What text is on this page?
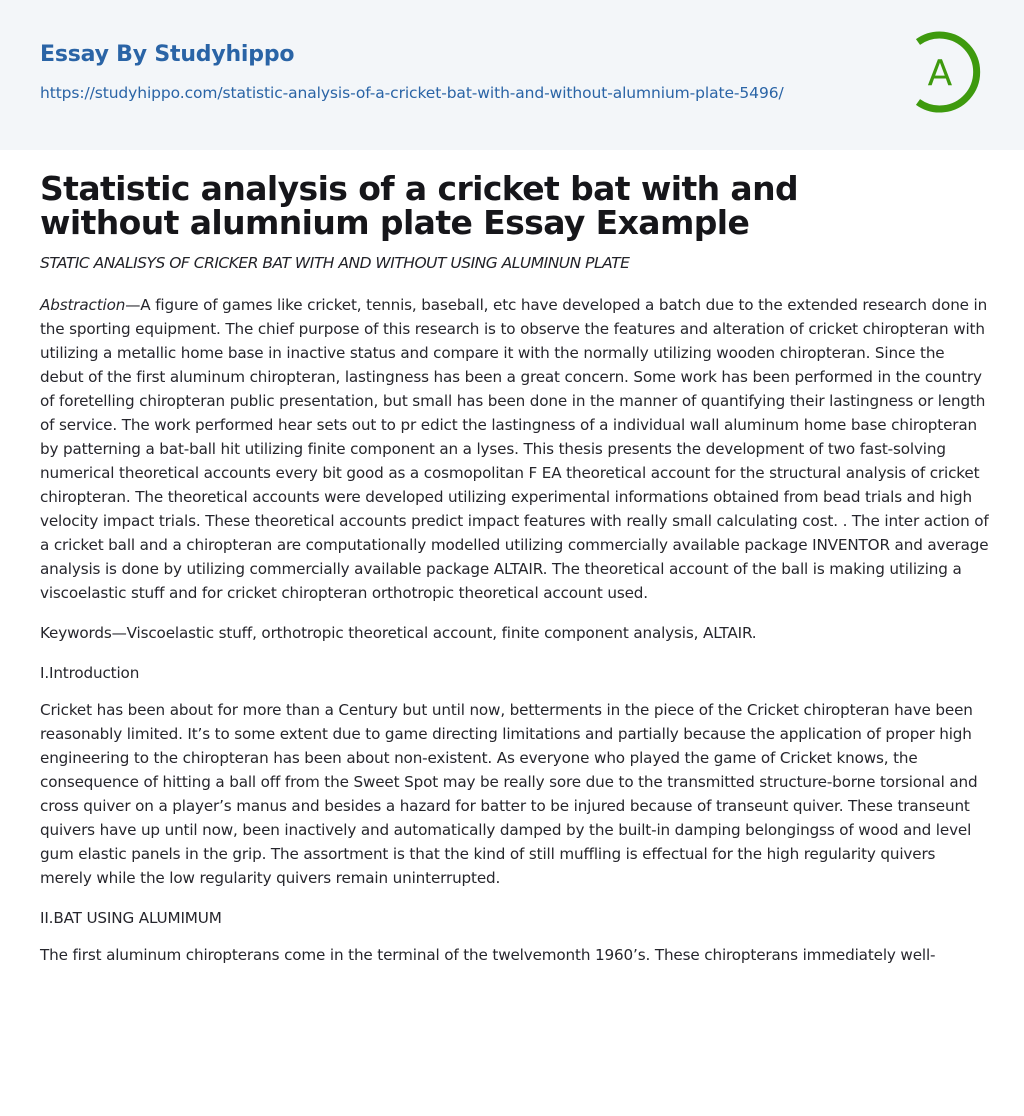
Essay By Studyhippo
https://studyhippo.com/statistic-analysis-of-a-cricket-bat-with-and-without-alumnium-plate-5496/	A
Statistic analysis of a cricket bat with and without alumnium plate Essay Example

STATIC ANALISYS OF CRICKER BAT WITH AND WITHOUT USING ALUMINUN PLATE

Abstraction—A figure of games like cricket, tennis, baseball, etc have developed a batch due to the extended research done in the sporting equipment. The chief purpose of this research is to observe the features and alteration of cricket chiropteran with utilizing a metallic home base in inactive status and compare it with the normally utilizing wooden chiropteran. Since the debut of the first aluminum chiropteran, lastingness has been a great concern. Some work has been performed in the country of foretelling chiropteran public presentation, but small has been done in the manner of quantifying their lastingness or length of service. The work performed hear sets out to pr edict the lastingness of a individual wall aluminum home base chiropteran by patterning a bat-ball hit utilizing finite component an a lyses. This thesis presents the development of two fast-solving numerical theoretical accounts every bit good as a cosmopolitan F EA theoretical account for the structural analysis of cricket chiropteran. The theoretical accounts were developed utilizing experimental informations obtained from bead trials and high velocity impact trials. These theoretical accounts predict impact features with really small calculating cost. . The inter action of a cricket ball and a chiropteran are computationally modelled utilizing commercially available package INVENTOR and average analysis is done by utilizing commercially available package ALTAIR. The theoretical account of the ball is making utilizing a viscoelastic stuff and for cricket chiropteran orthotropic theoretical account used.

Keywords—Viscoelastic stuff, orthotropic theoretical account, finite component analysis, ALTAIR.

I.Introduction

Cricket has been about for more than a Century but until now, betterments in the piece of the Cricket chiropteran have been reasonably limited. It’s to some extent due to game directing limitations and partially because the application of proper high engineering to the chiropteran has been about non-existent. As everyone who played the game of Cricket knows, the consequence of hitting a ball off from the Sweet Spot may be really sore due to the transmitted structure-borne torsional and cross quiver on a player’s manus and besides a hazard for batter to be injured because of transeunt quiver. These transeunt quivers have up until now, been inactively and automatically damped by the built-in damping belongingss of wood and level gum elastic panels in the grip. The assortment is that the kind of still muffling is effectual for the high regularity quivers merely while the low regularity quivers remain uninterrupted.

II.BAT USING ALUMIMUM

The first aluminum chiropterans come in the terminal of the twelvemonth 1960’s. These chiropterans immediately well-
